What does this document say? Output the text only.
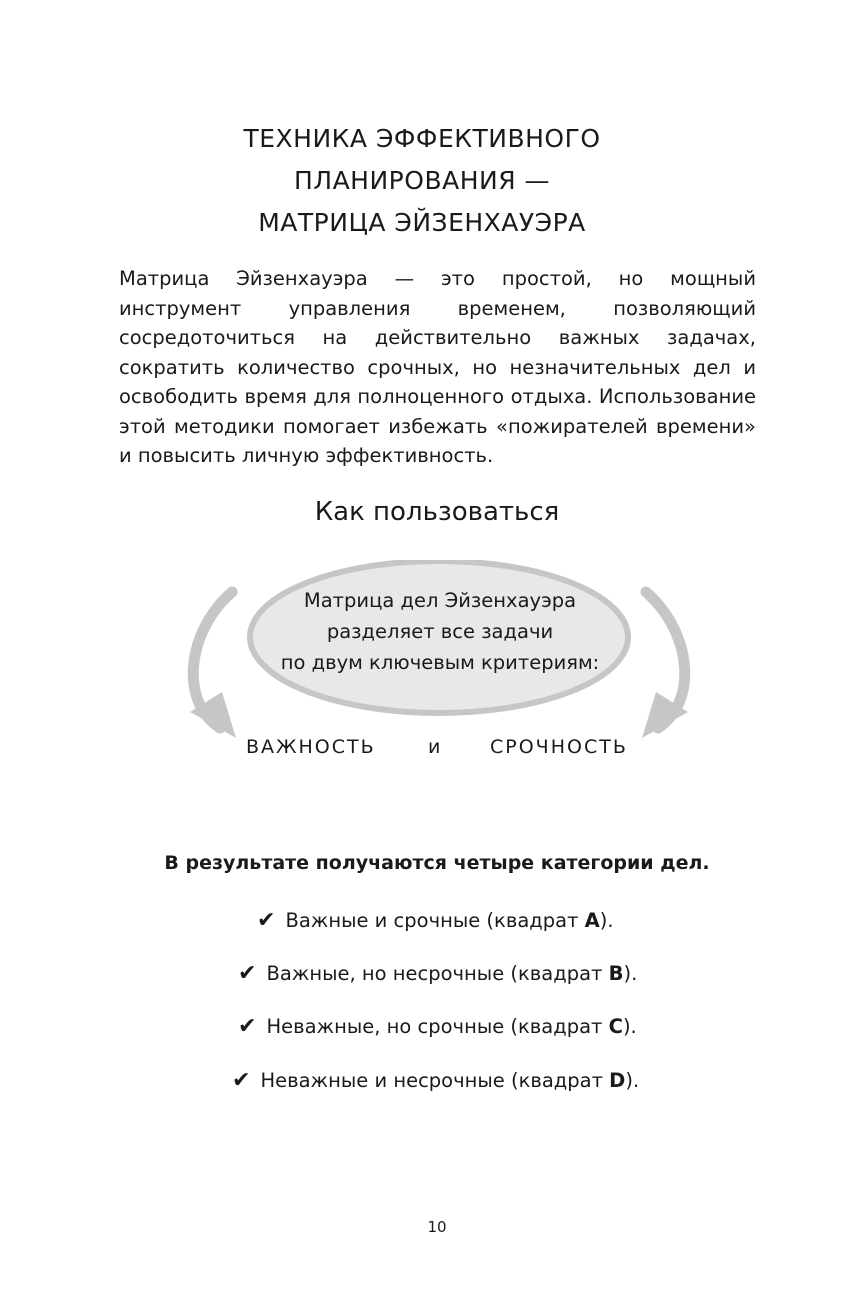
ТЕХНИКА ЭФФЕКТИВНОГО
ПЛАНИРОВАНИЯ —
МАТРИЦА ЭЙЗЕНХАУЭРА

Матрица Эйзенхауэра — это простой, но мощный инструмент управления временем, позволяющий сосредоточиться на действительно важных задачах, сократить количество срочных, но незначительных дел и освободить время для полноценного отдыха. Использование этой методики помогает избежать «пожирателей времени» и повысить личную эффективность.

Как пользоваться
Матрица дел Эйзенхауэра
разделяет все задачи
по двум ключевым критериям:
ВАЖНОСТЬ	и	СРОЧНОСТЬ
В результате получаются четыре категории дел.
✔ Важные и срочные (квадрат A).
✔ Важные, но несрочные (квадрат B).
✔ Неважные, но срочные (квадрат C).
✔ Неважные и несрочные (квадрат D).
10
